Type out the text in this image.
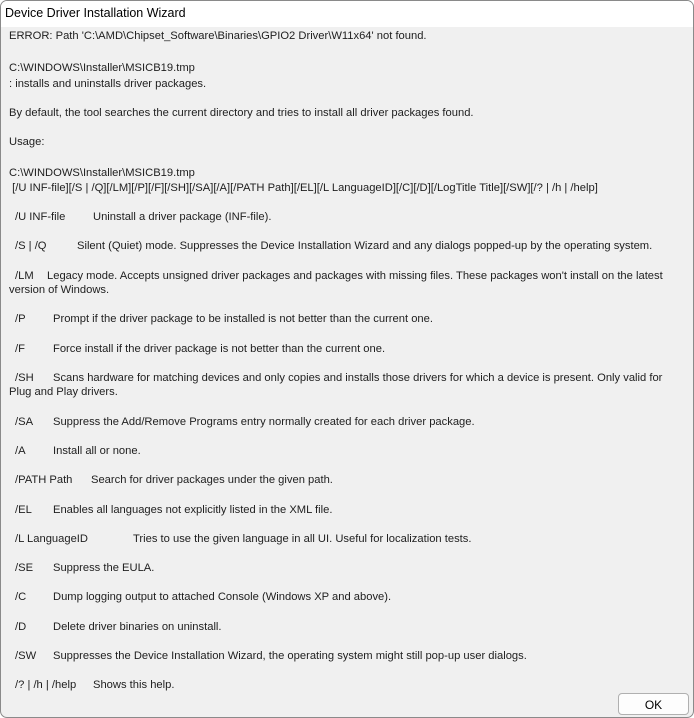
Device Driver Installation Wizard
ERROR: Path 'C:\AMD\Chipset_Software\Binaries\GPIO2 Driver\W11x64' not found.
C:\WINDOWS\Installer\MSICB19.tmp
: installs and uninstalls driver packages.
By default, the tool searches the current directory and tries to install all driver packages found.
Usage:
C:\WINDOWS\Installer\MSICB19.tmp
[/U INF-file][/S | /Q][/LM][/P][/F][/SH][/SA][/A][/PATH Path][/EL][/L LanguageID][/C][/D][/LogTitle Title][/SW][/? | /h | /help]
/U INF-file Uninstall a driver package (INF-file).
/S | /Q	Silent (Quiet) mode. Suppresses the Device Installation Wizard and any dialogs popped-up by the operating system.
/LM Legacy mode. Accepts unsigned driver packages and packages with missing files. These packages won't install on the latest version of Windows.
/P Prompt if the driver package to be installed is not better than the current one.
/F	Force install if the driver package is not better than the current one.
/SH Scans hardware for matching devices and only copies and installs those drivers for which a device is present. Only valid for Plug and Play drivers.
/SA Suppress the Add/Remove Programs entry normally created for each driver package.
/A Install all or none.
/PATH Path Search for driver packages under the given path.
/EL Enables all languages not explicitly listed in the XML file.
/L LanguageID	Tries to use the given language in all UI. Useful for localization tests.
/SE Suppress the EULA.
/C Dump logging output to attached Console (Windows XP and above).
/D Delete driver binaries on uninstall.
/SW Suppresses the Device Installation Wizard, the operating system might still pop-up user dialogs.
/? | /h | /help Shows this help.
OK
